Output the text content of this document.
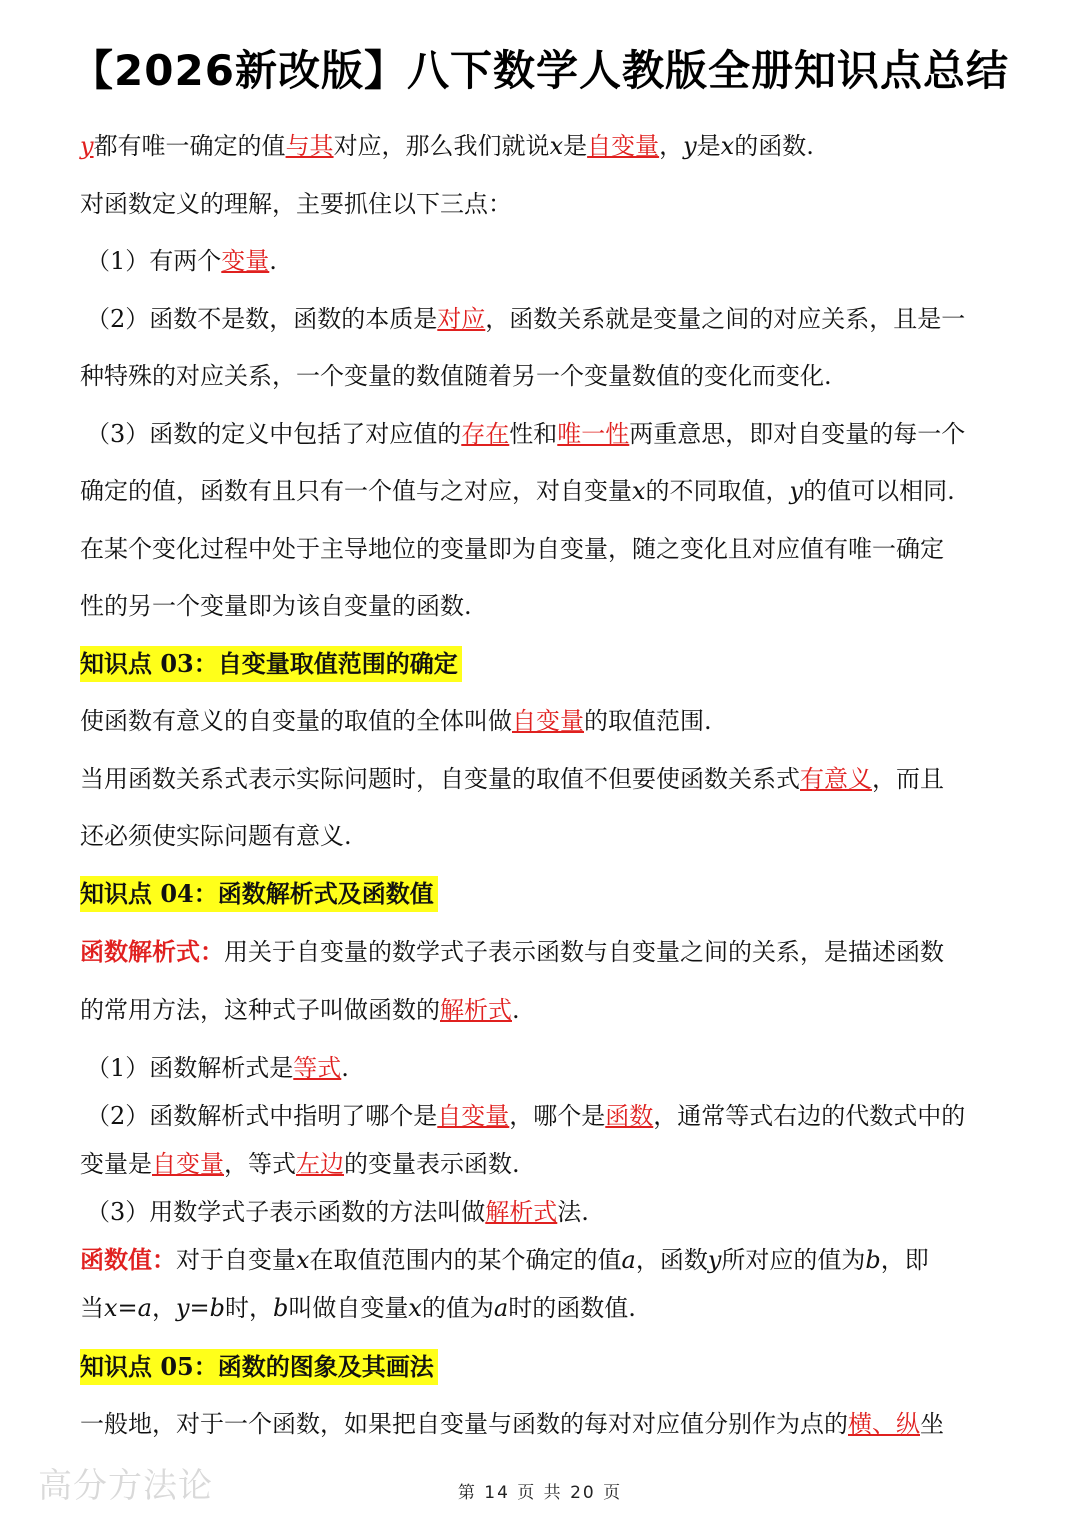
【2026新改版】八下数学人教版全册知识点总结
y都有唯一确定的值与其对应，那么我们就说x是自变量，y是x的函数.
对函数定义的理解，主要抓住以下三点：
（1）有两个变量.
（2）函数不是数，函数的本质是对应，函数关系就是变量之间的对应关系，且是一
种特殊的对应关系，一个变量的数值随着另一个变量数值的变化而变化.
（3）函数的定义中包括了对应值的存在性和唯一性两重意思，即对自变量的每一个
确定的值，函数有且只有一个值与之对应，对自变量x的不同取值，y的值可以相同.
在某个变化过程中处于主导地位的变量即为自变量，随之变化且对应值有唯一确定
性的另一个变量即为该自变量的函数.
知识点 03：自变量取值范围的确定
使函数有意义的自变量的取值的全体叫做自变量的取值范围.
当用函数关系式表示实际问题时，自变量的取值不但要使函数关系式有意义，而且
还必须使实际问题有意义.
知识点 04：函数解析式及函数值
函数解析式：用关于自变量的数学式子表示函数与自变量之间的关系，是描述函数
的常用方法，这种式子叫做函数的解析式.
（1）函数解析式是等式.
（2）函数解析式中指明了哪个是自变量，哪个是函数，通常等式右边的代数式中的
变量是自变量，等式左边的变量表示函数.
（3）用数学式子表示函数的方法叫做解析式法.
函数值：对于自变量x在取值范围内的某个确定的值a，函数y所对应的值为b，即
当x=a，y=b时，b叫做自变量x的值为a时的函数值.
知识点 05：函数的图象及其画法
一般地，对于一个函数，如果把自变量与函数的每对对应值分别作为点的横、纵坐
高分方法论	第 14 页 共 20 页
